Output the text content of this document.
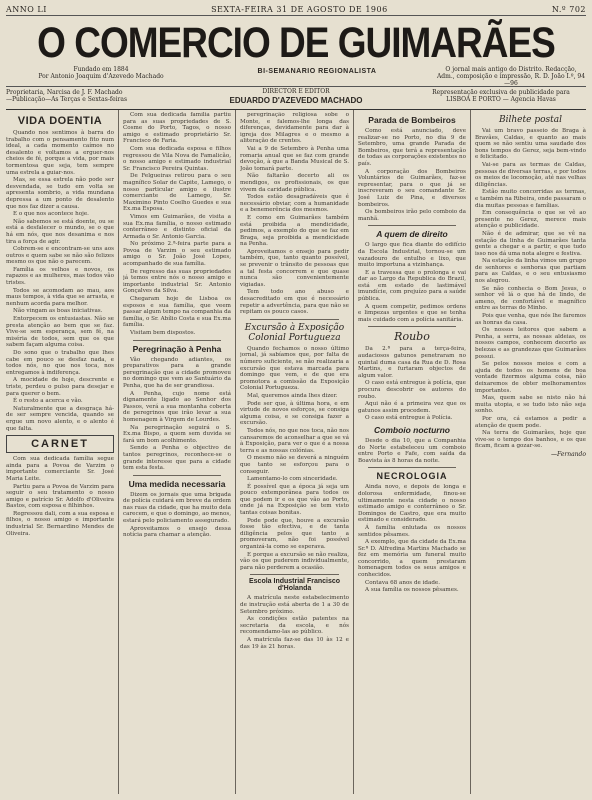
ANNO LI	SEXTA-FEIRA 31 DE AGOSTO DE 1906	N.º 702
O COMERCIO DE GUIMARÃES
Fundado em 1884
Por Antonio Joaquim d'Azevedo Machado
BI-SEMANARIO REGIONALISTA	O jornal mais antigo do Distrito. Redacção,
Adm., composição e impressão, R. D. João I.º, 94—96
Proprietaria, Narcisa de J. F. Machado
—Publicação—As Terças e Sextas-feiras
DIRECTOR E EDITOR
EDUARDO D'AZEVEDO MACHADO
Representação exclusiva de publicidade para
LISBOA E PORTO — Agencia Havas
VIDA DOENTIA

Quando nos sentimos à barra do trabalho com o pensamento fito num ideal, a cada momento caímos no desalento e voltamos a erguer-nos cheios de fé, porque a vida, por mais tormentosa que seja, tem sempre uma estrela a guiar-nos.

Mas, se essa estrela não pode ser desvendada, se tudo em volta se apresenta sombrio, a vida mundana depressa a um ponto de desalento que nos faz dizer a causa.

E o que nos acontece hoje.

Não sabemos se está doente, ou se está a desfalecer o mundo, se o que há em nós, que nos desanima e nos tira a força de agir.

Cobrem-se e encontram-se uns aos outros e quem sabe se não são felizes mesmo os que não o parecem.

Família os velhos e novos, os rapazes e as mulheres, mas todos vão tristes.

Todos se acomodam ao mau, aos maus tempos, à vida que se arrasta, e nenhum acorda para melhor.

Não vingam as boas iniciativas.

Entorpecem os entusiastas. Não se presta atenção ao bem que se faz. Vive-se sem esperança, sem fé, na miséria de todos, sem que os que sabem façam alguma coisa.

Do sono que o trabalho que lhes cabe em pouco se desfaz nada, e todos nós, no que nos toca, nos entregamos à indiferença.

A mocidade de hoje, descrente e triste, perdeu o pulso para desejar e para querer o bem.

É o resto a acerca e vão.

Naturalmente que a desgraça há-de ser sempre vencida, quando se ergue um novo alento, e o alento é que falta.

CARNET

Com sua dedicada família segue ainda para a Povoa de Varzim o importante comerciante Sr. José Maria Leite.

Partiu para a Povoa de Varzim para seguir o seu tratamento o nosso amigo e patrício Sr. Adolfo d'Oliveira Bastos, com esposa e filhinhos.

Regressou dali, com a sua esposa e filhos, o nosso amigo e importante industrial Sr. Bernardino Mendes de Oliveira.

Com sua dedicada família partiu para as suas propriedades de S. Cosme do Porto, Tagos, o nosso amigo e estimado proprietário Sr. Francisco de Faria.

Com sua dedicada esposa e filhos regressou de Vila Nova de Famalicão, o nosso amigo e estimado industrial Sr. Francisco Pereira Quintas.

De Felgueiras retirou para o seu magnífico Solar de Capite, Lamego, o nosso particular amigo e ilustre comerciante de Lamego, Sr. Maximino Pinto Coelho Guedes e sua Ex.ma Esposa.

Vimos em Guimarães, de visita a sua Ex.ma família, o nosso estimado conterrâneo e distinto oficial da Armada o Sr. Antonio Garcia.

No próximo 2.ª-feira parte para a Povoa de Varzim o seu estimado amigo o Sr. João José Lopes, acompanhado de sua família.

De regresso das suas propriedades já temos entre nós o nosso amigo e importante industrial Sr. Antonio Gonçalves da Silva.

Chegaram hoje de Lisboa os esposos e sua família, que veem passar algum tempo na companhia da família, o Sr. Abílio Costa e sua Ex.ma família.

Visitam bem dispostos.

Peregrinação à Penha

Vão chegando adiantes, os preparativos para a grande peregrinação que a cidade promoveu no domingo que vem ao Santuário da Penha, que ha de ser grandiosa.

A Penha, cujo nome está dignamente ligado ao Senhor dos Passos, verá a sua montanha coberta de peregrinos que irão levar a sua homenagem à Virgem de Lourdes.

Na peregrinação seguirá o S. Ex.ma Bispo, a quem sem duvida se fará um bom acolhimento.

Sendo a Penha o objectivo de tantos peregrinos, reconhece-se o grande interesse que para a cidade tem esta festa.

Uma medida necessaria

Dizem os jornais que uma brigada de polícia cuidará em breve da ordem nas ruas da cidade, que ha muito dela carecem, e que o domingo, ao menos, estará pelo policiamento assegurado.

Aproveitamos o ensejo dessa notícia para chamar a atenção.

peregrinação religiosa sobe o Monte, e falemos-lhe longa das diferenças, devidamente para dar à igreja dos Milagres e o mesmo a aliteração de crentes.

Vai a 9 de Setembro à Penha uma romaria anual que se faz com grande devoção, à que a Banda Musical de S. João tomará parte.

Não faltarão decerto ali os mendigos, os profissionais, os que vivem da caridade pública.

Todos estão desagradáveis que é necessário obviar, com a humanidade e a benemerência dos mesmos.

E como em Guimarães também está proibida a mendicidade, pedimos, a exemplo do que se faz em Braga, seja proibida a mendicidade na Penha.

Aproveitamos o ensejo para pedir também, que, tanto quanto possível, se prevenir o trânsito de pessoas que a tal festa concorrem e que quase nunca são convenientemente vigiadas.

Tem todo ano abuso e desacreditado em que é necessário repetir a advertência, para que não se repitam os pouco casos.

Excursão à Exposição Colonial Portugueza

Quando fechamos o nosso último jornal, já sabíamos que, por falta de número suficiente, se não realizaria a excursão que estava marcada para domingo que vem, e de que era promotora a comissão da Exposição Colonial Portugueza.

Mal, queremos ainda lhes dizer.

Pode ser que, à última hora, e em virtude de novos esforços, se consiga alguma coisa, e se consiga fazer a excursão.

Todos nós, no que nos toca, não nos cansaremos de aconselhar a que se vá à Exposição, para ver o que é a nossa terra e as nossas colónias.

O mesmo não se deverá a ninguém que tanto se esforçou para o conseguir.

Lamentamo-lo com sinceridade.

É possível que a época já seja um pouco extemporânea para todos os que podem ir e os que vão ao Porto, onde já na Exposição se tem visto tantas coisas bonitas.

Pode pode que, houve a excursão fosse tão efectiva, e de tanta diligência pelos que tanto a promoveram, não foi possível organizá-la como se esperava.

E porque a excursão se não realiza, vão os que puderem individualmente, para não perderem a ocasião.

Escola Industrial Francisco d'Holanda

A matrícula neste estabelecimento de instrução está aberta de 1 a 30 de Setembro próximo.

As condições estão patentes na secretaria da escola, e nós recomendamo-las ao público.

A matrícula faz-se das 10 às 12 e das 19 às 21 horas.

Parada de Bombeiros

Como está anunciado, deve realizar-se no Porto, no dia 9 de Setembro, uma grande Parada de Bombeiros, que terá a representação de todas as corporações existentes no país.

A corporação dos Bombeiros Voluntários de Guimarães, faz-se representar, para o que já se inscreveram o seu comandante Sr. José Luiz de Pina, e diversos bombeiros.

Os bombeiros irão pelo comboio da manhã.

A quem de direito

O largo que fica diante do edifício da Escola Industrial, tornou-se um vazadouro de entulho e lixo, que muito importuna a vizinhança.

E a travessa que o prolonga e vai dar ao Largo da Republica do Brazil, está em estado de lastimável imundície, com prejuízo para a saúde pública.

A quem competir, pedimos ordens e limpezas urgentes e que se tenha mais cuidado com a polícia sanitária.

Roubo

Da 2.ª para a terça-feira, audaciosos gatunos penetraram no quintal duma casa da Rua de D. Rosa Martins, e furtaram objectos de algum valor.

O caso está entregue à polícia, que procura descobrir os autores do roubo.

Aqui não é a primeira vez que os gatunos assim procedem.

O caso está entregue à Polícia.

Comboio nocturno

Desde o dia 10, que a Companhia do Norte estabeleceu um comboio entre Porto e Fafe, com saída da Boavista às 8 horas da noite.

NECROLOGIA

Ainda novo, e depois de longa e dolorosa enfermidade, finou-se ultimamente nesta cidade o nosso estimado amigo e conterrâneo o Sr. Domingos de Castro, que era muito estimado e considerado.

Á família enlutada os nossos sentidos pêsames.

A exemplo, que da cidade da Ex.ma Sr.ª D. Alfredina Martins Machado se fez em memória um funeral muito concorrido, a quem prestaram homenagem todos os seus amigos e conhecidos.

Contava 68 anos de idade.

A sua família os nossos pêsames.

Bilhete postal

Vai um bravo passeio de Braga à Bravães, Caldas, e quanto ao mais quem se não sentiu uma saudade dos bons tempos do Gerez, seja bem-vindo e felicitado.

Vai-se para as termas de Caldas, pessoas de diversas terras, e por todos os meios de locomoção, até nas velhas diligências.

Estão muito concorridas as termas, e também na Ribeira, onde passaram o dia muitas pessoas e famílias.

Em consequência o que se vê ao presente no Gerez, merece mais atenção e publicidade.

Não é de admirar, que se vê na estação da linha de Guimarães tanta gente a chegar e a partir, e que tudo isso nos dá uma nota alegre e festiva.

Na estação da linha vimos um grupo de senhores e senhoras que partiam para as Caldas, e o seu entusiasmo nos alegrou.

Se não conhecia o Bom Jesus, o senhor vê lá o que há de lindo, de ameno, de confortável e magnífico entre as terras do Minho.

Pois que venha, que nós lhe faremos as honras da casa.

Os nossos leitores que sabem a Penha, a serra, as nossas aldeias, os nossos campos, conhecem decerto as belezas e as grandezas que Guimarães possui.

Se pelos nossos meios e com a ajuda de todos os homens de boa vontade fizermos alguma coisa, não deixaremos de obter melhoramentos importantes.

Mas, quem sabe se nisto não há muita utopia, e se tudo isto não seja sonho.

Por ora, cá estamos a pedir a atenção de quem pode.

Na terra de Guimarães, hoje que vive-se o tempo dos banhos, e os que ficam, ficam a gozar-se.

—Fernando
